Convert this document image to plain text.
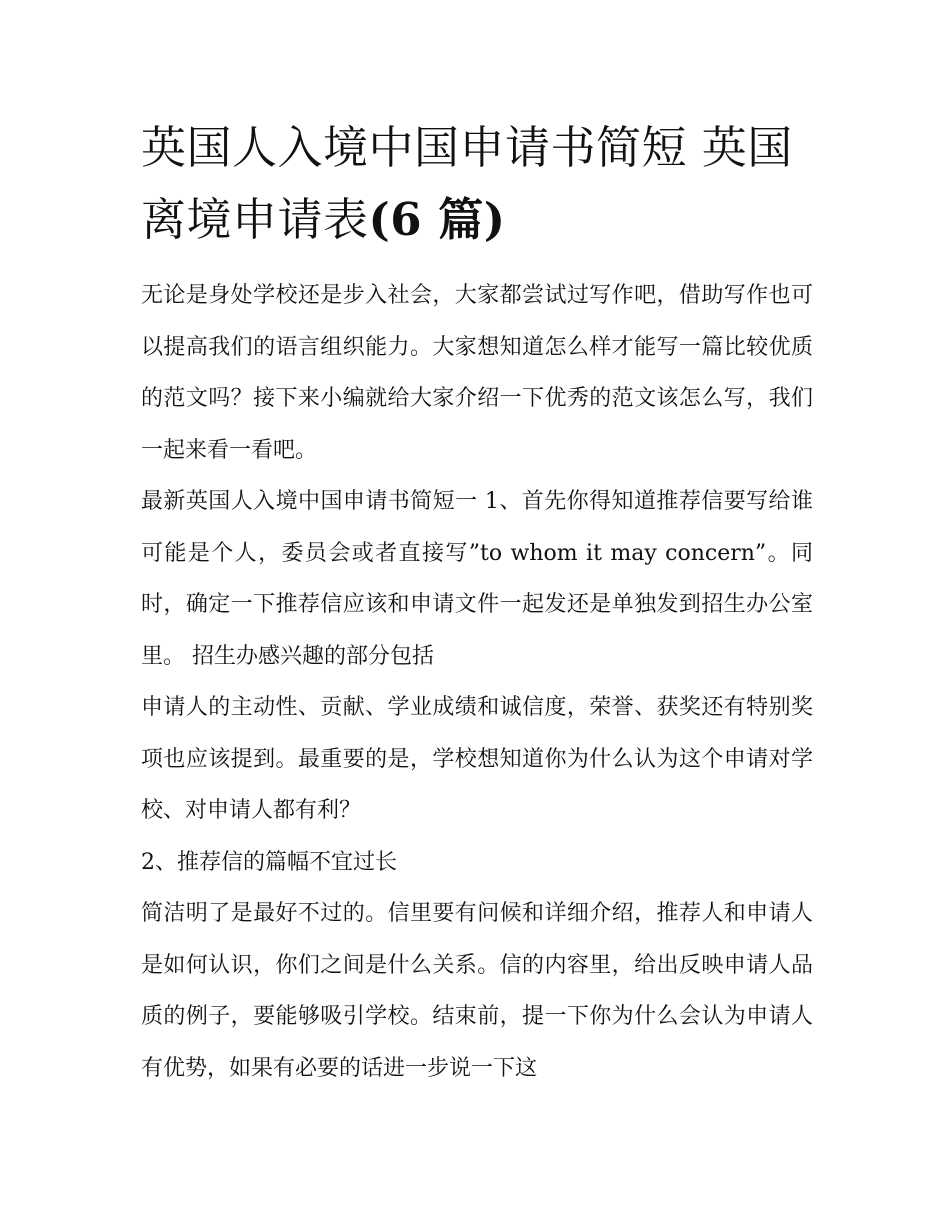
英国人入境中国申请书简短 英国离境申请表(6 篇)

无论是身处学校还是步入社会，大家都尝试过写作吧，借助写作也可以提高我们的语言组织能力。大家想知道怎么样才能写一篇比较优质的范文吗？接下来小编就给大家介绍一下优秀的范文该怎么写，我们一起来看一看吧。

最新英国人入境中国申请书简短一 1、首先你得知道推荐信要写给谁 可能是个人，委员会或者直接写”to whom it may concern”。同时，确定一下推荐信应该和申请文件一起发还是单独发到招生办公室里。 招生办感兴趣的部分包括

申请人的主动性、贡献、学业成绩和诚信度，荣誉、获奖还有特别奖项也应该提到。最重要的是，学校想知道你为什么认为这个申请对学校、对申请人都有利？

2、推荐信的篇幅不宜过长

简洁明了是最好不过的。信里要有问候和详细介绍，推荐人和申请人是如何认识，你们之间是什么关系。信的内容里，给出反映申请人品质的例子，要能够吸引学校。结束前，提一下你为什么会认为申请人有优势，如果有必要的话进一步说一下这
